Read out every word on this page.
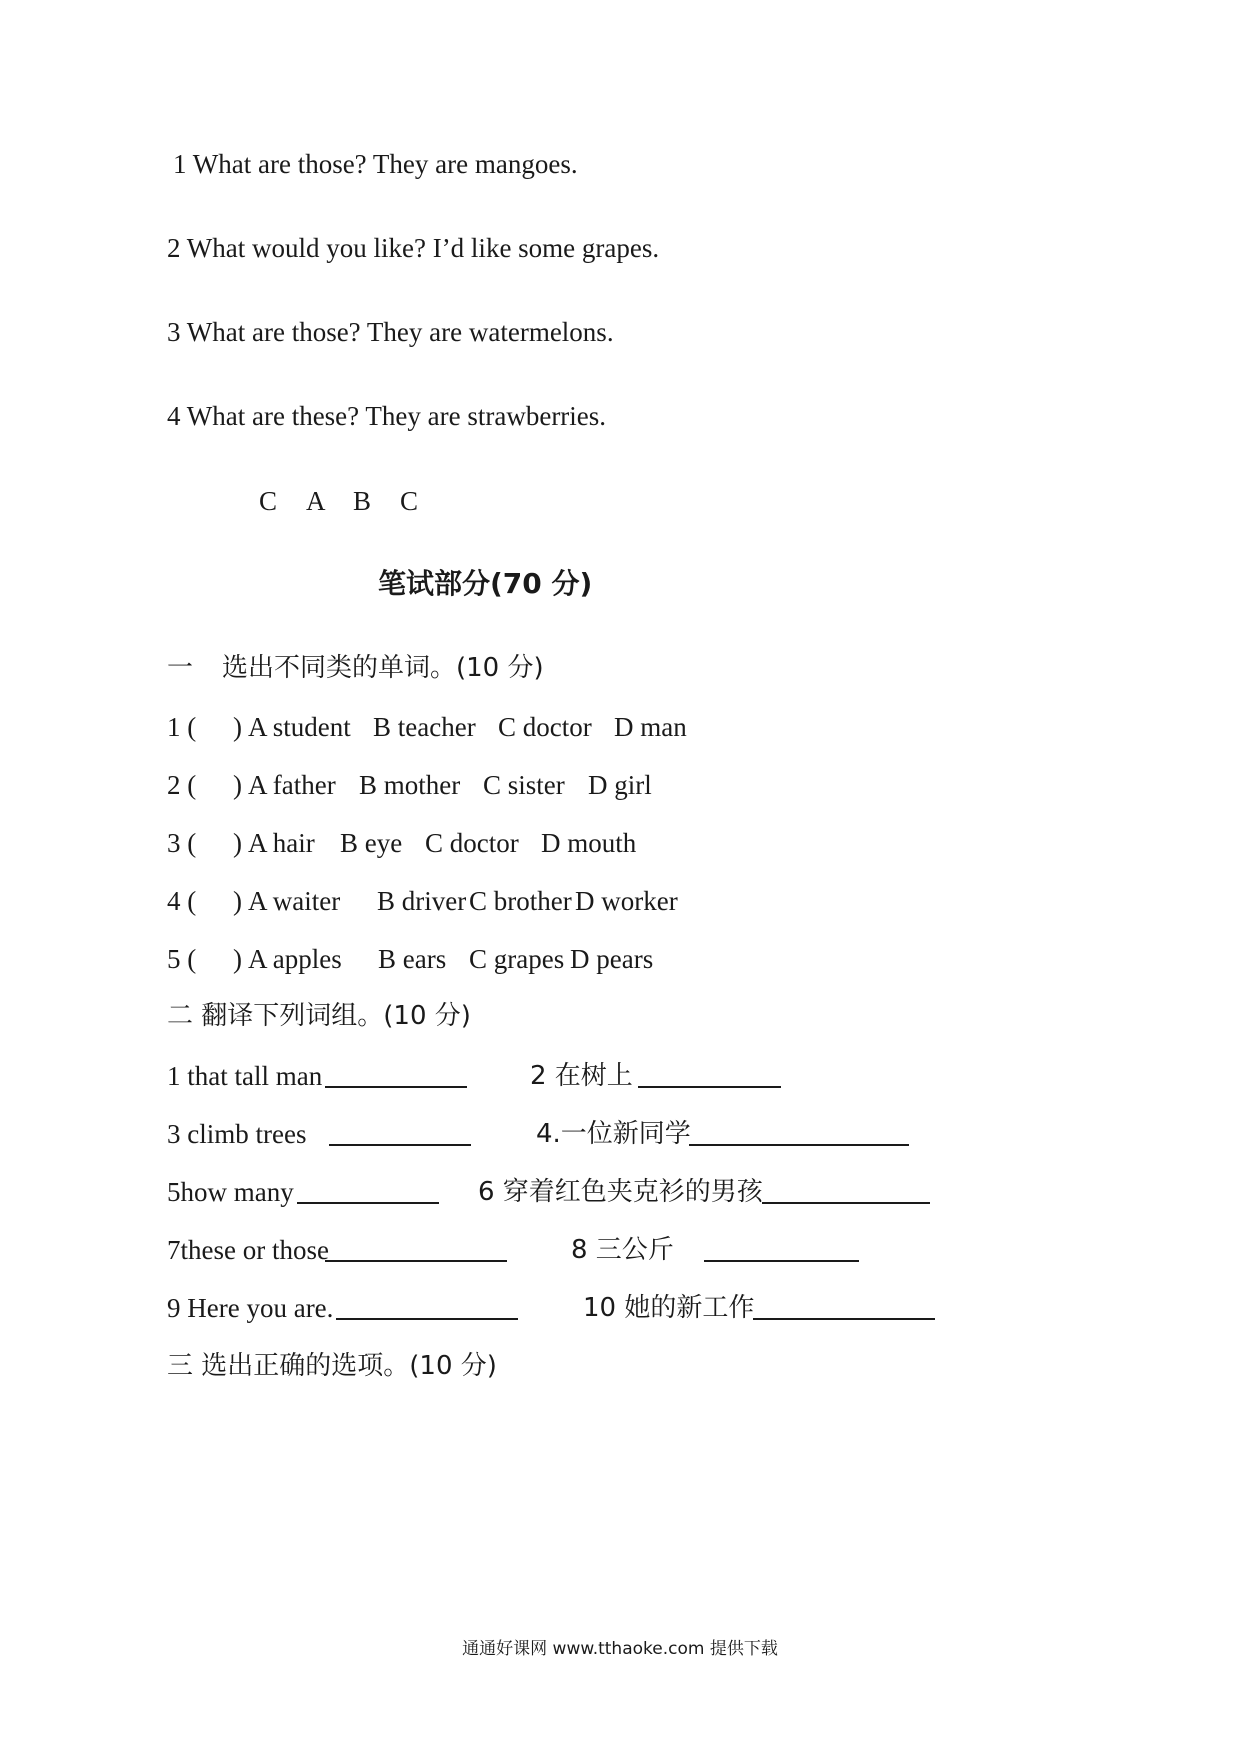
1 What are those? They are mangoes.
2 What would you like? I’d like some grapes.
3 What are those? They are watermelons.
4 What are these? They are strawberries.
C A B C
笔试部分(70 分)
一 选出不同类的单词。(10 分)
1 ( ) A student B teacher C doctor D man
2 ( ) A father B mother C sister D girl
3 ( ) A hair B eye C doctor D mouth
4 ( ) A waiter B driver C brother D worker
5 ( ) A apples B ears C grapes D pears
二 翻译下列词组。(10 分)
1 that tall man	2 在树上
3 climb trees	4.一位新同学
5how many	6 穿着红色夹克衫的男孩
7these or those	8 三公斤
9 Here you are.	10 她的新工作
三 选出正确的选项。(10 分)
通通好课网 www.tthaoke.com 提供下载
